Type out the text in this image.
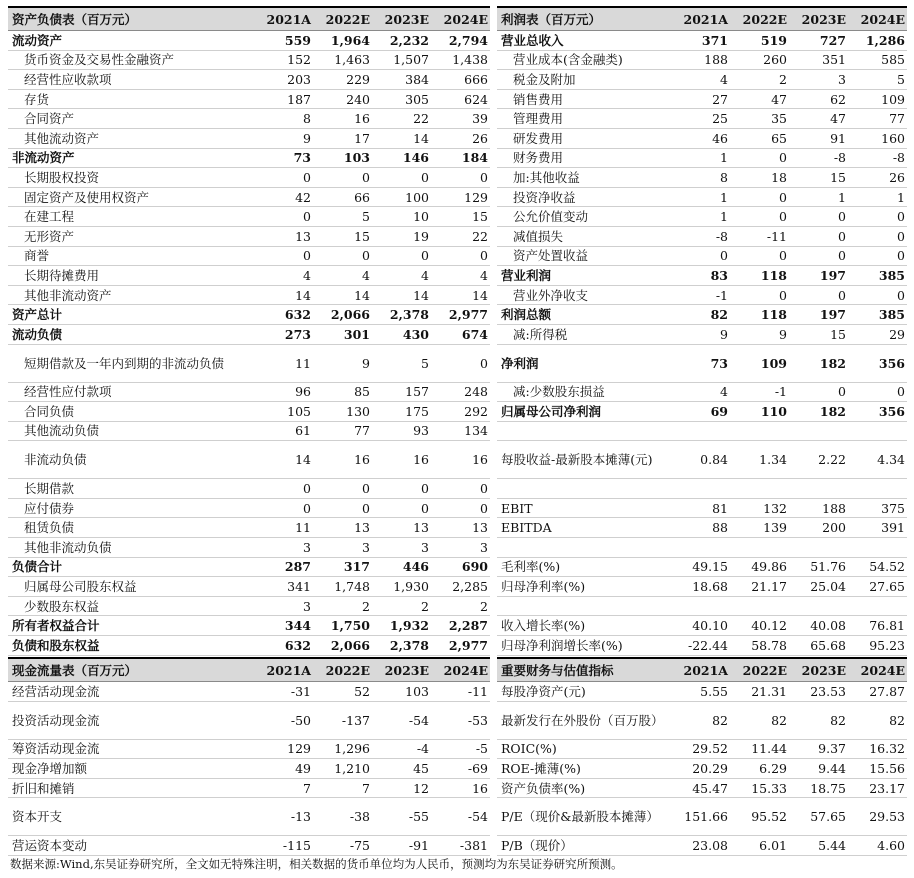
资产负债表（百万元）	2021A	2022E	2023E	2024E
流动资产	559	1,964	2,232	2,794
货币资金及交易性金融资产	152	1,463	1,507	1,438
经营性应收款项	203	229	384	666
存货	187	240	305	624
合同资产	8	16	22	39
其他流动资产	9	17	14	26
非流动资产	73	103	146	184
长期股权投资	0	0	0	0
固定资产及使用权资产	42	66	100	129
在建工程	0	5	10	15
无形资产	13	15	19	22
商誉	0	0	0	0
长期待摊费用	4	4	4	4
其他非流动资产	14	14	14	14
资产总计	632	2,066	2,378	2,977
流动负债	273	301	430	674
短期借款及一年内到期的非流动负债	11	9	5	0
经营性应付款项	96	85	157	248
合同负债	105	130	175	292
其他流动负债	61	77	93	134
非流动负债	14	16	16	16
长期借款	0	0	0	0
应付债券	0	0	0	0
租赁负债	11	13	13	13
其他非流动负债	3	3	3	3
负债合计	287	317	446	690
归属母公司股东权益	341	1,748	1,930	2,285
少数股东权益	3	2	2	2
所有者权益合计	344	1,750	1,932	2,287
负债和股东权益	632	2,066	2,378	2,977
利润表（百万元）	2021A	2022E	2023E	2024E
营业总收入	371	519	727	1,286
营业成本(含金融类)	188	260	351	585
税金及附加	4	2	3	5
销售费用	27	47	62	109
管理费用	25	35	47	77
研发费用	46	65	91	160
财务费用	1	0	-8	-8
加:其他收益	8	18	15	26
投资净收益	1	0	1	1
公允价值变动	1	0	0	0
减值损失	-8	-11	0	0
资产处置收益	0	0	0	0
营业利润	83	118	197	385
营业外净收支	-1	0	0	0
利润总额	82	118	197	385
减:所得税	9	9	15	29
净利润	73	109	182	356
减:少数股东损益	4	-1	0	0
归属母公司净利润	69	110	182	356
每股收益-最新股本摊薄(元)	0.84	1.34	2.22	4.34
EBIT	81	132	188	375
EBITDA	88	139	200	391
毛利率(%)	49.15	49.86	51.76	54.52
归母净利率(%)	18.68	21.17	25.04	27.65
收入增长率(%)	40.10	40.12	40.08	76.81
归母净利润增长率(%)	-22.44	58.78	65.68	95.23
现金流量表（百万元）	2021A	2022E	2023E	2024E
经营活动现金流	-31	52	103	-11
投资活动现金流	-50	-137	-54	-53
筹资活动现金流	129	1,296	-4	-5
现金净增加额	49	1,210	45	-69
折旧和摊销	7	7	12	16
资本开支	-13	-38	-55	-54
营运资本变动	-115	-75	-91	-381
重要财务与估值指标	2021A	2022E	2023E	2024E
每股净资产(元)	5.55	21.31	23.53	27.87
最新发行在外股份（百万股）	82	82	82	82
ROIC(%)	29.52	11.44	9.37	16.32
ROE-摊薄(%)	20.29	6.29	9.44	15.56
资产负债率(%)	45.47	15.33	18.75	23.17
P/E（现价&最新股本摊薄）	151.66	95.52	57.65	29.53
P/B（现价）	23.08	6.01	5.44	4.60
数据来源:Wind,东吴证券研究所，全文如无特殊注明，相关数据的货币单位均为人民币，预测均为东吴证券研究所预测。
